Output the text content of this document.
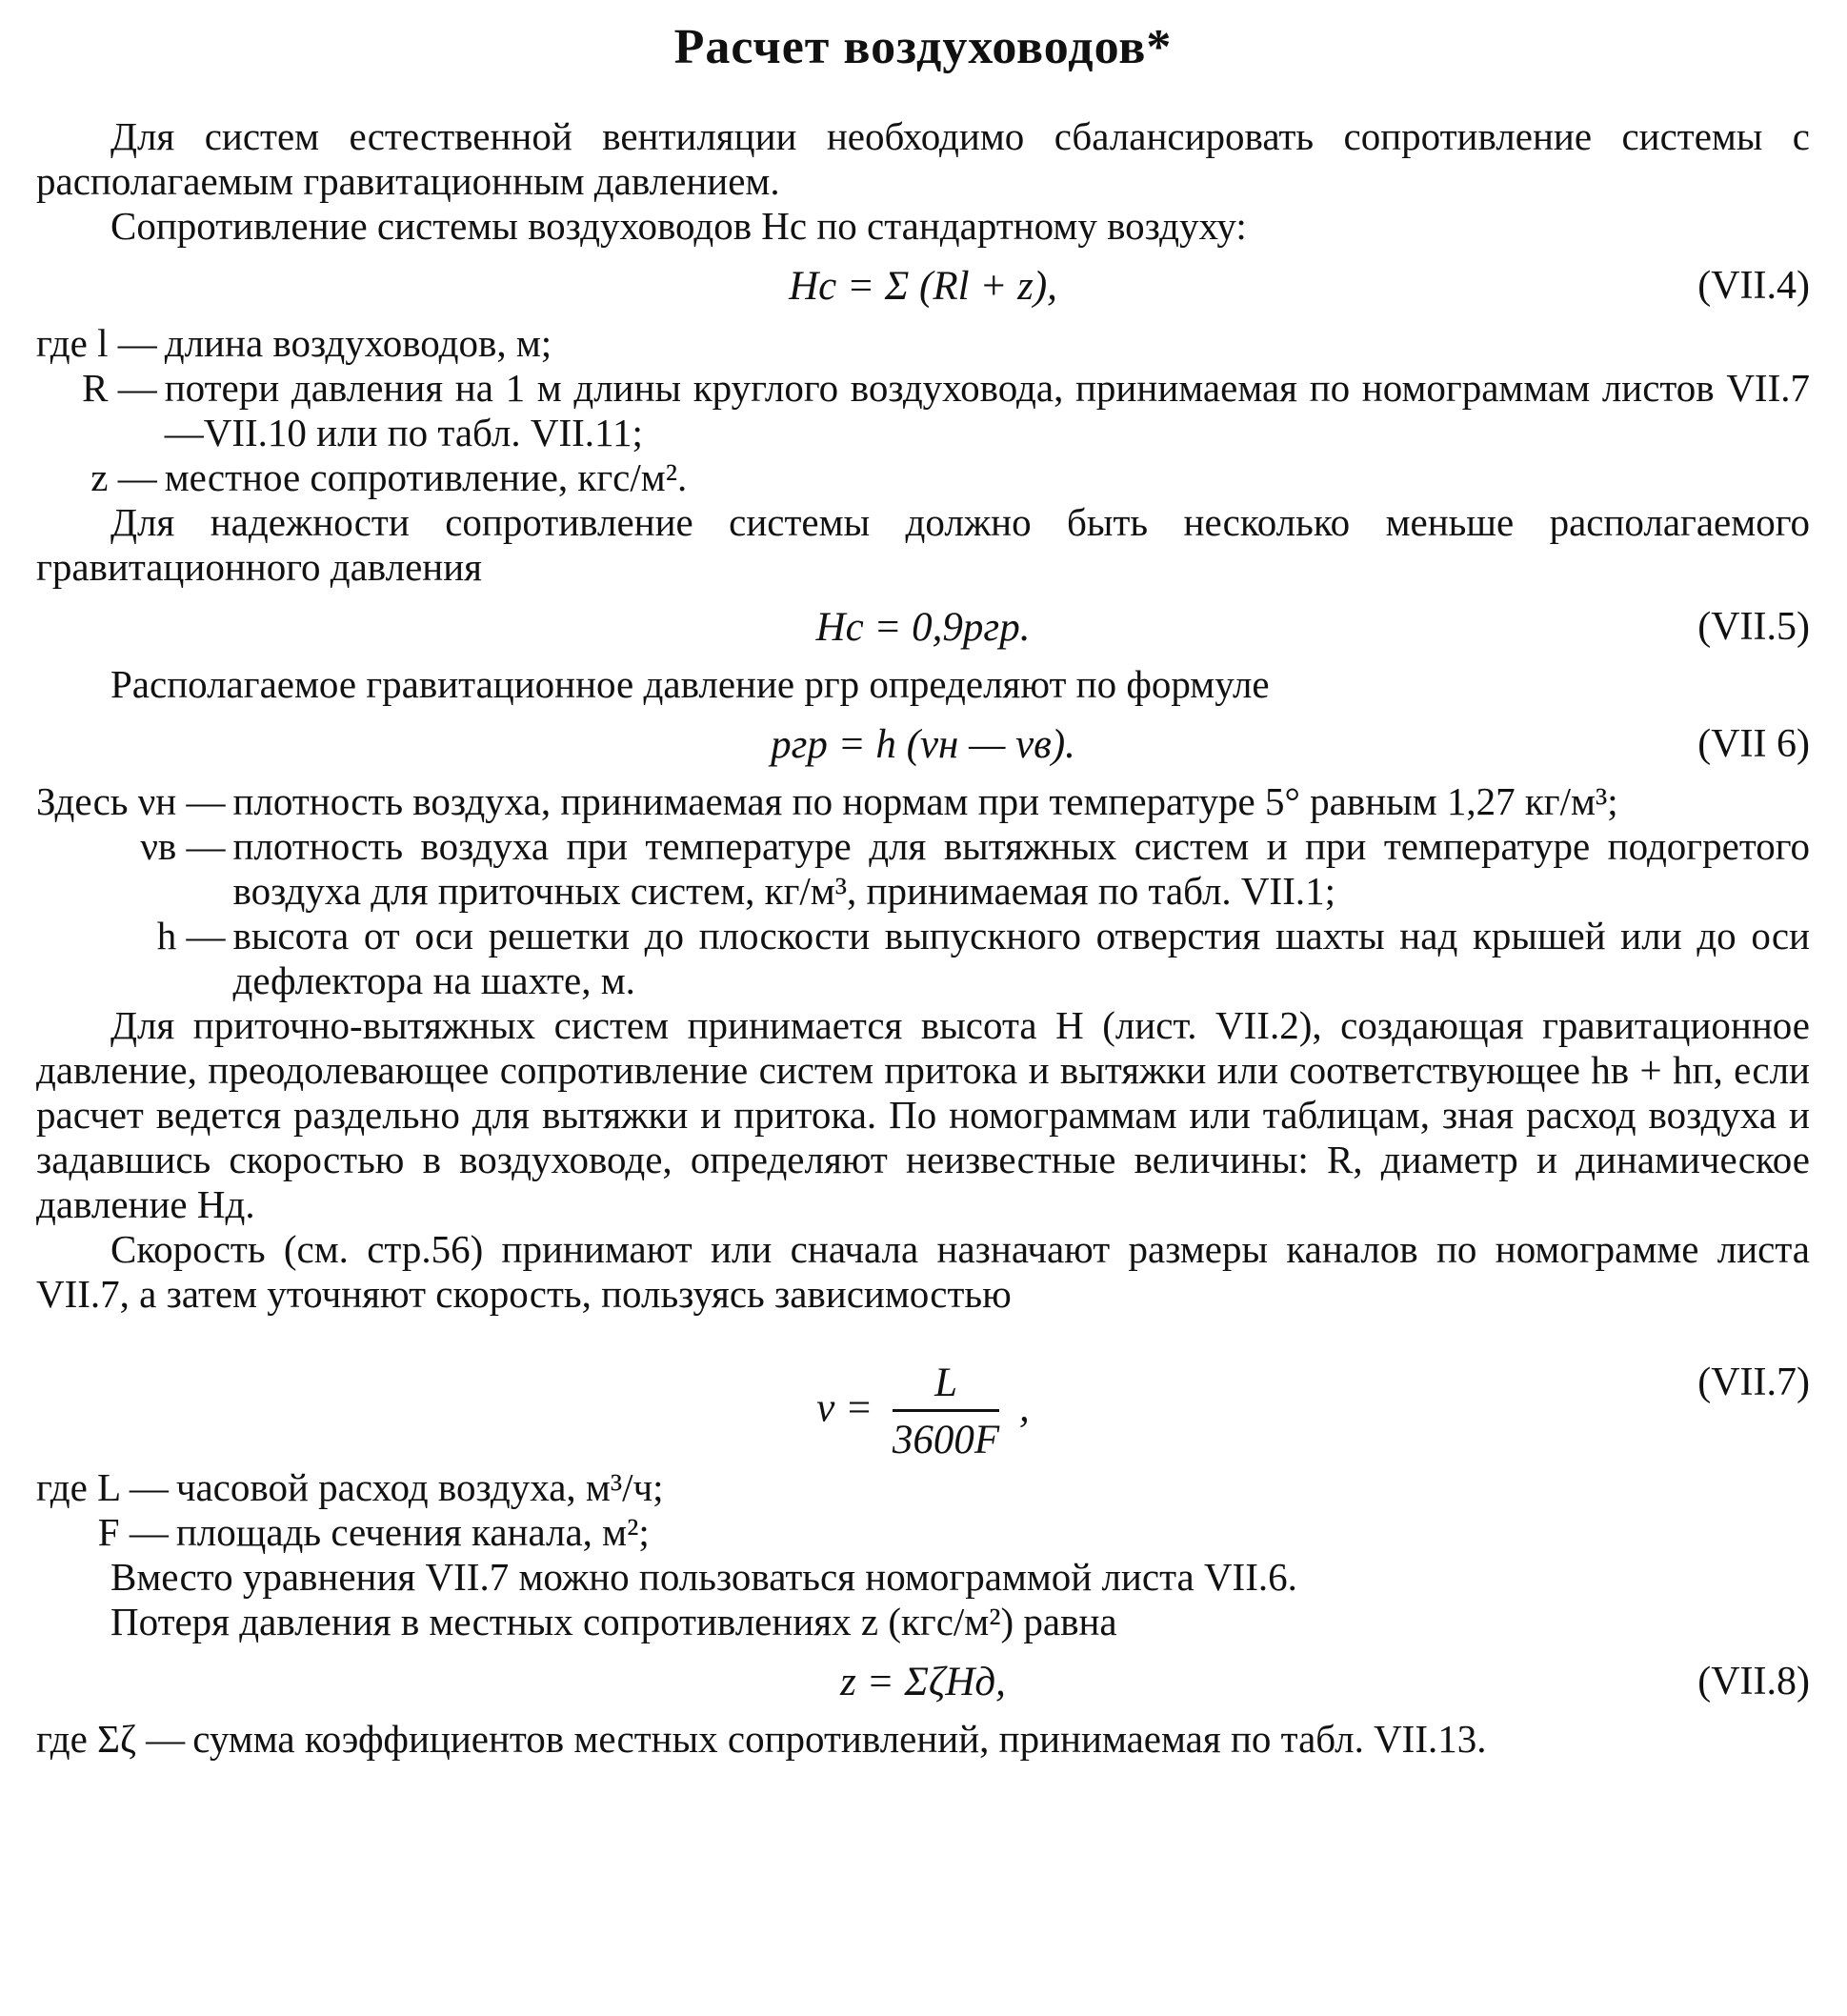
Расчет воздуховодов*

Для систем естественной вентиляции необходимо сбалансировать сопротивление системы с располагаемым гравитационным давлением.

Сопротивление системы воздуховодов Hс по стандартному воздуху:

Hс = Σ (Rl + z),	(VII.4)
где l — длина воздуховодов, м;
R — потери давления на 1 м длины круглого воздуховода, принимаемая по номограммам листов VII.7—VII.10 или по табл. VII.11;
z — местное сопротивление, кгс/м².

Для надежности сопротивление системы должно быть несколько меньше располагаемого гравитационного давления

Hс = 0,9pгр.	(VII.5)

Располагаемое гравитационное давление pгр определяют по формуле

pгр = h (νн — νв).	(VII 6)
Здесь νн — плотность воздуха, принимаемая по нормам при температуре 5° равным 1,27 кг/м³;
νв — плотность воздуха при температуре для вытяжных систем и при температуре подогретого воздуха для приточных систем, кг/м³, принимаемая по табл. VII.1;
h — высота от оси решетки до плоскости выпускного отверстия шахты над крышей или до оси дефлектора на шахте, м.

Для приточно-вытяжных систем принимается высота H (лист. VII.2), создающая гравитационное давление, преодолевающее сопротивление систем притока и вытяжки или соответствующее hв + hп, если расчет ведется раздельно для вытяжки и притока. По номограммам или таблицам, зная расход воздуха и задавшись скоростью в воздуховоде, определяют неизвестные величины: R, диаметр и динамическое давление Hд.

Скорость (см. стр.56) принимают или сначала назначают размеры каналов по номограмме листа VII.7, а затем уточняют скорость, пользуясь зависимостью

$v = \frac{L}{3600F}$ ,
(VII.7)
где L — часовой расход воздуха, м³/ч;
F — площадь сечения канала, м²;

Вместо уравнения VII.7 можно пользоваться номограммой листа VII.6.

Потеря давления в местных сопротивлениях z (кгс/м²) равна

z = ΣζHд,	(VII.8)
где Σζ — сумма коэффициентов местных сопротивлений, принимаемая по табл. VII.13.
